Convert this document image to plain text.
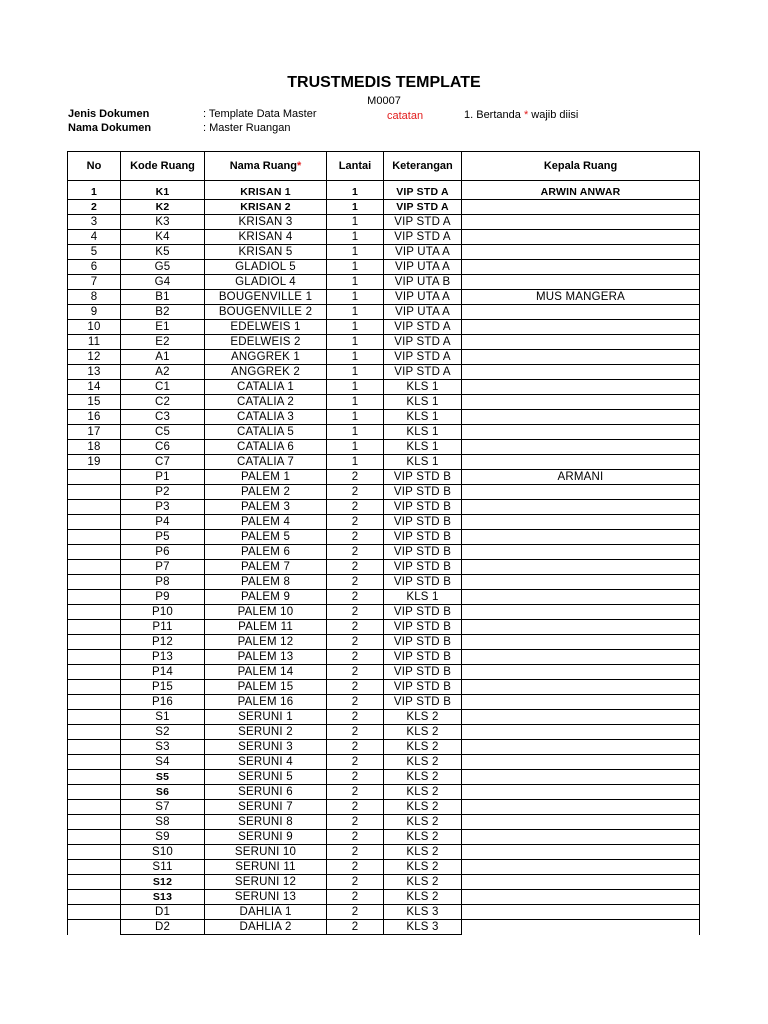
TRUSTMEDIS TEMPLATE
M0007
Jenis Dokumen	: Template Data Master	catatan	1. Bertanda * wajib diisi
Nama Dokumen	: Master Ruangan
No	Kode Ruang	Nama Ruang*	Lantai	Keterangan	Kepala Ruang

1	K1	KRISAN 1	1	VIP STD A	ARWIN ANWAR
2	K2	KRISAN 2	1	VIP STD A	
3	K3	KRISAN 3	1	VIP STD A	
4	K4	KRISAN 4	1	VIP STD A	
5	K5	KRISAN 5	1	VIP UTA A	
6	G5	GLADIOL 5	1	VIP UTA A	
7	G4	GLADIOL 4	1	VIP UTA B	
8	B1	BOUGENVILLE 1	1	VIP UTA A	MUS MANGERA
9	B2	BOUGENVILLE 2	1	VIP UTA A	
10	E1	EDELWEIS 1	1	VIP STD A	
11	E2	EDELWEIS 2	1	VIP STD A	
12	A1	ANGGREK 1	1	VIP STD A	
13	A2	ANGGREK 2	1	VIP STD A	
14	C1	CATALIA 1	1	KLS 1	
15	C2	CATALIA 2	1	KLS 1	
16	C3	CATALIA 3	1	KLS 1	
17	C5	CATALIA 5	1	KLS 1	
18	C6	CATALIA 6	1	KLS 1	
19	C7	CATALIA 7	1	KLS 1	
	P1	PALEM 1	2	VIP STD B	ARMANI
	P2	PALEM 2	2	VIP STD B	
	P3	PALEM 3	2	VIP STD B	
	P4	PALEM 4	2	VIP STD B	
	P5	PALEM 5	2	VIP STD B	
	P6	PALEM 6	2	VIP STD B	
	P7	PALEM 7	2	VIP STD B	
	P8	PALEM 8	2	VIP STD B	
	P9	PALEM 9	2	KLS 1	
	P10	PALEM 10	2	VIP STD B	
	P11	PALEM 11	2	VIP STD B	
	P12	PALEM 12	2	VIP STD B	
	P13	PALEM 13	2	VIP STD B	
	P14	PALEM 14	2	VIP STD B	
	P15	PALEM 15	2	VIP STD B	
	P16	PALEM 16	2	VIP STD B	
	S1	SERUNI 1	2	KLS 2	
	S2	SERUNI 2	2	KLS 2	
	S3	SERUNI 3	2	KLS 2	
	S4	SERUNI 4	2	KLS 2	
	S5	SERUNI 5	2	KLS 2	
	S6	SERUNI 6	2	KLS 2	
	S7	SERUNI 7	2	KLS 2	
	S8	SERUNI 8	2	KLS 2	
	S9	SERUNI 9	2	KLS 2	
	S10	SERUNI 10	2	KLS 2	
	S11	SERUNI 11	2	KLS 2	
	S12	SERUNI 12	2	KLS 2	
	S13	SERUNI 13	2	KLS 2	
	D1	DAHLIA 1	2	KLS 3	
	D2	DAHLIA 2	2	KLS 3	
